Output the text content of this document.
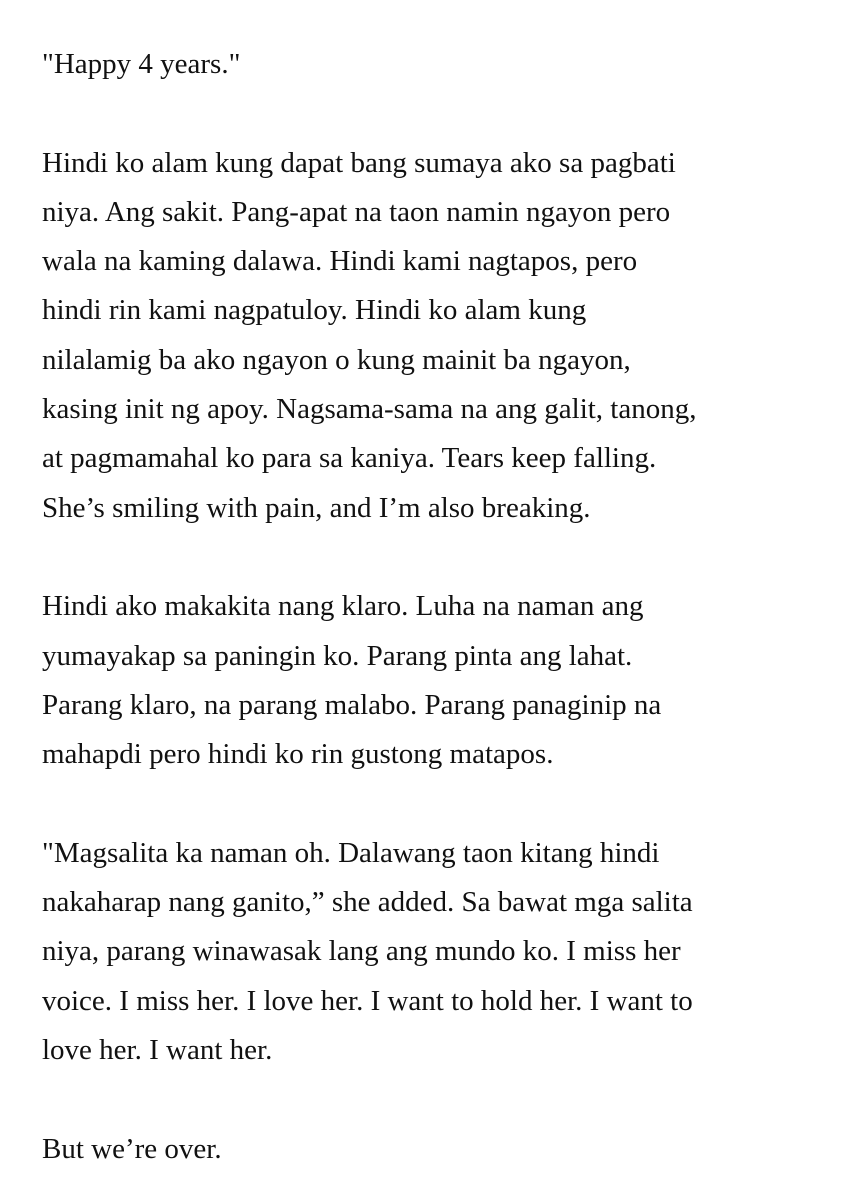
"Happy 4 years."

Hindi ko alam kung dapat bang sumaya ako sa pagbati
niya. Ang sakit. Pang-apat na taon namin ngayon pero
wala na kaming dalawa. Hindi kami nagtapos, pero
hindi rin kami nagpatuloy. Hindi ko alam kung
nilalamig ba ako ngayon o kung mainit ba ngayon,
kasing init ng apoy. Nagsama-sama na ang galit, tanong,
at pagmamahal ko para sa kaniya. Tears keep falling.
She’s smiling with pain, and I’m also breaking.

Hindi ako makakita nang klaro. Luha na naman ang
yumayakap sa paningin ko. Parang pinta ang lahat.
Parang klaro, na parang malabo. Parang panaginip na
mahapdi pero hindi ko rin gustong matapos.

"Magsalita ka naman oh. Dalawang taon kitang hindi
nakaharap nang ganito,” she added. Sa bawat mga salita
niya, parang winawasak lang ang mundo ko. I miss her
voice. I miss her. I love her. I want to hold her. I want to
love her. I want her.

But we’re over.
